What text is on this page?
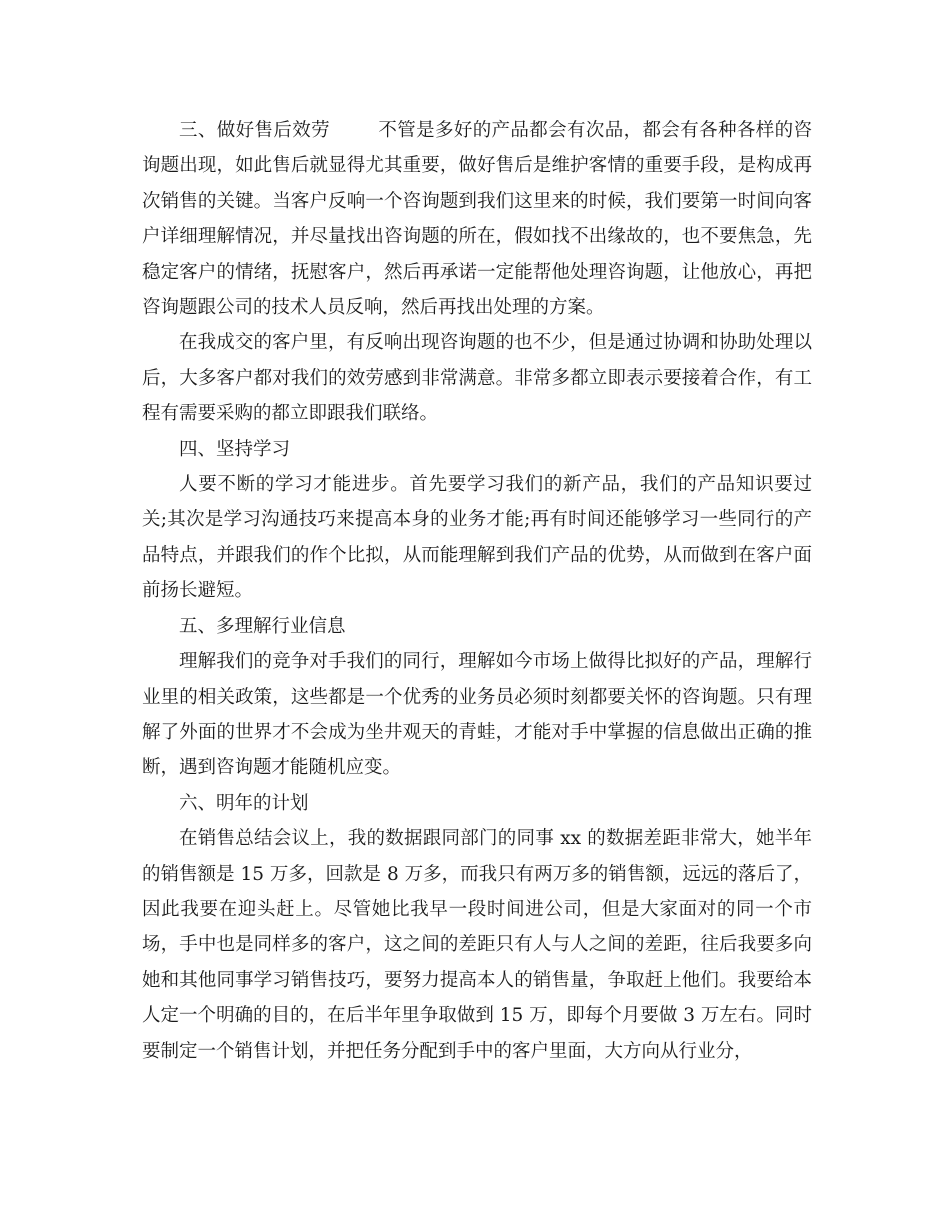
三、做好售后效劳	不管是多好的产品都会有次品，都会有各种各样的咨询题出现，如此售后就显得尤其重要，做好售后是维护客情的重要手段，是构成再次销售的关键。当客户反响一个咨询题到我们这里来的时候，我们要第一时间向客户详细理解情况，并尽量找出咨询题的所在，假如找不出缘故的，也不要焦急，先稳定客户的情绪，抚慰客户，然后再承诺一定能帮他处理咨询题，让他放心，再把咨询题跟公司的技术人员反响，然后再找出处理的方案。

在我成交的客户里，有反响出现咨询题的也不少，但是通过协调和协助处理以后，大多客户都对我们的效劳感到非常满意。非常多都立即表示要接着合作，有工程有需要采购的都立即跟我们联络。

四、坚持学习

人要不断的学习才能进步。首先要学习我们的新产品，我们的产品知识要过关;其次是学习沟通技巧来提高本身的业务才能;再有时间还能够学习一些同行的产品特点，并跟我们的作个比拟，从而能理解到我们产品的优势，从而做到在客户面前扬长避短。

五、多理解行业信息

理解我们的竞争对手我们的同行，理解如今市场上做得比拟好的产品，理解行业里的相关政策，这些都是一个优秀的业务员必须时刻都要关怀的咨询题。只有理解了外面的世界才不会成为坐井观天的青蛙，才能对手中掌握的信息做出正确的推断，遇到咨询题才能随机应变。

六、明年的计划

在销售总结会议上，我的数据跟同部门的同事 xx 的数据差距非常大，她半年的销售额是 15 万多，回款是 8 万多，而我只有两万多的销售额，远远的落后了，因此我要在迎头赶上。尽管她比我早一段时间进公司，但是大家面对的同一个市场，手中也是同样多的客户，这之间的差距只有人与人之间的差距，往后我要多向她和其他同事学习销售技巧，要努力提高本人的销售量，争取赶上他们。我要给本人定一个明确的目的，在后半年里争取做到 15 万，即每个月要做 3 万左右。同时要制定一个销售计划，并把任务分配到手中的客户里面，大方向从行业分，
